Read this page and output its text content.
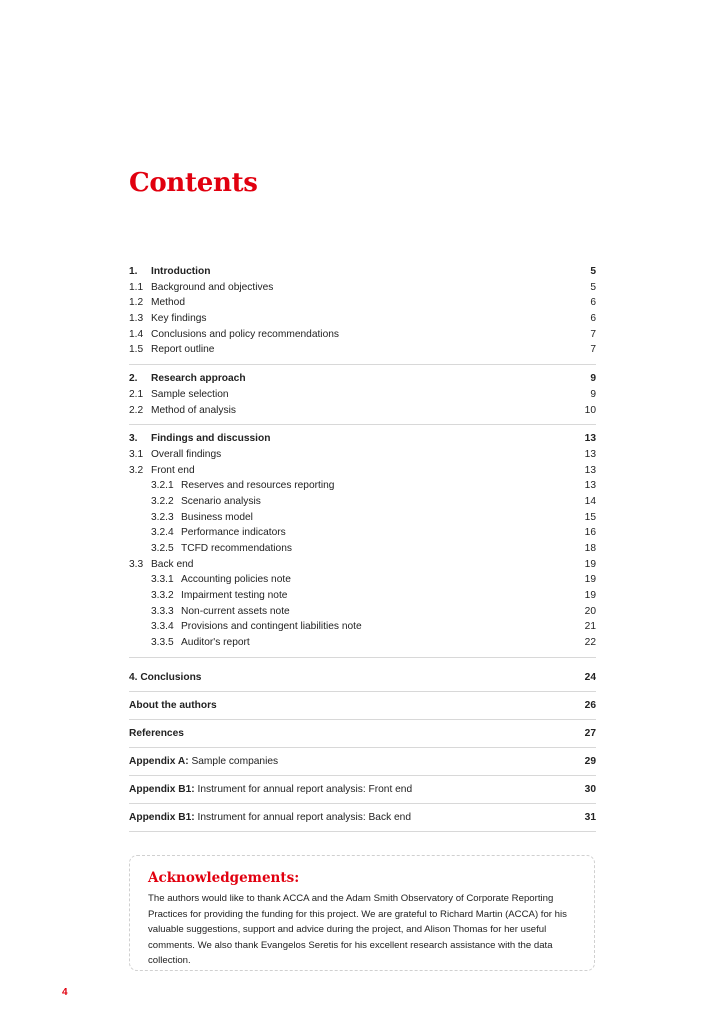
Contents
1. Introduction	5
1.1 Background and objectives	5
1.2 Method	6
1.3 Key findings	6
1.4 Conclusions and policy recommendations	7
1.5 Report outline	7
2. Research approach	9
2.1 Sample selection	9
2.2 Method of analysis	10
3. Findings and discussion	13
3.1 Overall findings	13
3.2 Front end	13
3.2.1 Reserves and resources reporting	13
3.2.2 Scenario analysis	14
3.2.3 Business model	15
3.2.4 Performance indicators	16
3.2.5 TCFD recommendations	18
3.3 Back end	19
3.3.1 Accounting policies note	19
3.3.2 Impairment testing note	19
3.3.3 Non-current assets note	20
3.3.4 Provisions and contingent liabilities note	21
3.3.5 Auditor's report	22
4. Conclusions	24
About the authors	26
References	27
Appendix A: Sample companies	29
Appendix B1: Instrument for annual report analysis: Front end	30
Appendix B1: Instrument for annual report analysis: Back end	31
Acknowledgements:
The authors would like to thank ACCA and the Adam Smith Observatory of Corporate Reporting Practices for providing the funding for this project. We are grateful to Richard Martin (ACCA) for his valuable suggestions, support and advice during the project, and Alison Thomas for her useful comments. We also thank Evangelos Seretis for his excellent research assistance with the data collection.
4
